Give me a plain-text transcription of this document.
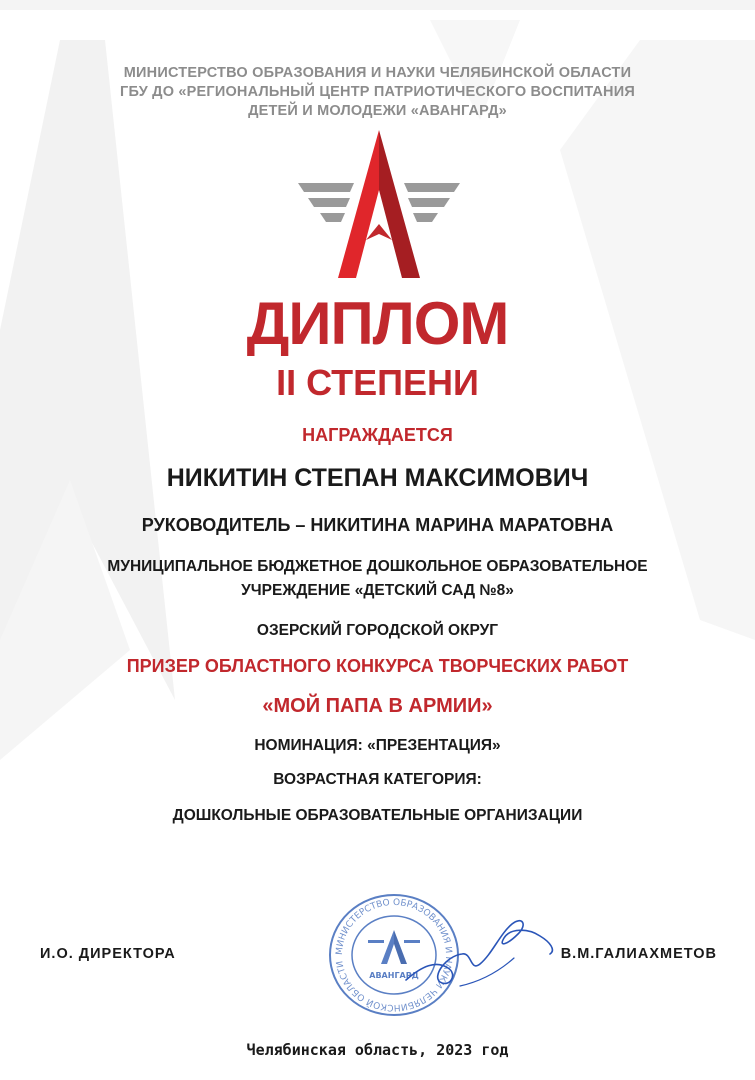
МИНИСТЕРСТВО ОБРАЗОВАНИЯ И НАУКИ ЧЕЛЯБИНСКОЙ ОБЛАСТИ
ГБУ ДО «РЕГИОНАЛЬНЫЙ ЦЕНТР ПАТРИОТИЧЕСКОГО ВОСПИТАНИЯ
ДЕТЕЙ И МОЛОДЕЖИ «АВАНГАРД»
ДИПЛОМ
II СТЕПЕНИ
НАГРАЖДАЕТСЯ
НИКИТИН СТЕПАН МАКСИМОВИЧ
РУКОВОДИТЕЛЬ – НИКИТИНА МАРИНА МАРАТОВНА
МУНИЦИПАЛЬНОЕ БЮДЖЕТНОЕ ДОШКОЛЬНОЕ ОБРАЗОВАТЕЛЬНОЕ
УЧРЕЖДЕНИЕ «ДЕТСКИЙ САД №8»
ОЗЕРСКИЙ ГОРОДСКОЙ ОКРУГ
ПРИЗЕР ОБЛАСТНОГО КОНКУРСА ТВОРЧЕСКИХ РАБОТ
«МОЙ ПАПА В АРМИИ»
НОМИНАЦИЯ: «ПРЕЗЕНТАЦИЯ»
ВОЗРАСТНАЯ КАТЕГОРИЯ:
ДОШКОЛЬНЫЕ ОБРАЗОВАТЕЛЬНЫЕ ОРГАНИЗАЦИИ
И.О. ДИРЕКТОРА	МИНИСТЕРСТВО ОБРАЗОВАНИЯ И НАУКИ ЧЕЛЯБИНСКОЙ ОБЛАСТИ
АВАНГАРД
В.М.ГАЛИАХМЕТОВ
Челябинская область, 2023 год
